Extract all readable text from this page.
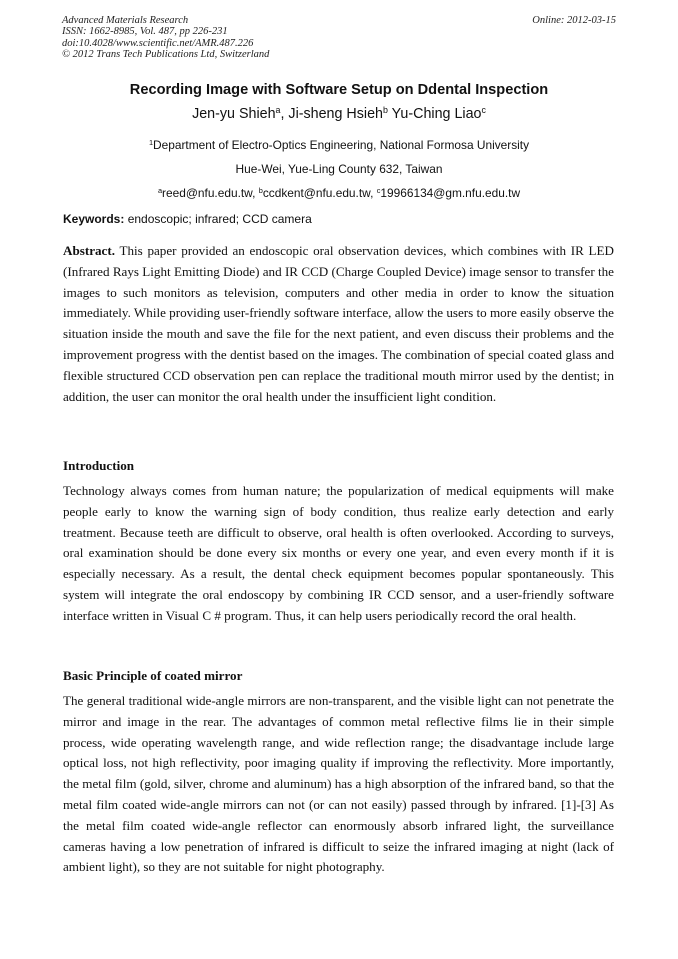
Advanced Materials Research
ISSN: 1662-8985, Vol. 487, pp 226-231
doi:10.4028/www.scientific.net/AMR.487.226
© 2012 Trans Tech Publications Ltd, Switzerland
Online: 2012-03-15
Recording Image with Software Setup on Ddental Inspection
Jen-yu Shieh$^a$, Ji-sheng Hsieh$^b$ Yu-Ching Liao$^c$
$^1$Department of Electro-Optics Engineering, National Formosa University
Hue-Wei, Yue-Ling County 632, Taiwan
$^a$reed@nfu.edu.tw, $^b$ccdkent@nfu.edu.tw, $^c$19966134@gm.nfu.edu.tw
Keywords: endoscopic; infrared; CCD camera

Abstract. This paper provided an endoscopic oral observation devices, which combines with IR LED (Infrared Rays Light Emitting Diode) and IR CCD (Charge Coupled Device) image sensor to transfer the images to such monitors as television, computers and other media in order to know the situation immediately. While providing user-friendly software interface, allow the users to more easily observe the situation inside the mouth and save the file for the next patient, and even discuss their problems and the improvement progress with the dentist based on the images. The combination of special coated glass and flexible structured CCD observation pen can replace the traditional mouth mirror used by the dentist; in addition, the user can monitor the oral health under the insufficient light condition.

Introduction

Technology always comes from human nature; the popularization of medical equipments will make people early to know the warning sign of body condition, thus realize early detection and early treatment. Because teeth are difficult to observe, oral health is often overlooked. According to surveys, oral examination should be done every six months or every one year, and even every month if it is especially necessary. As a result, the dental check equipment becomes popular spontaneously. This system will integrate the oral endoscopy by combining IR CCD sensor, and a user-friendly software interface written in Visual C # program. Thus, it can help users periodically record the oral health.

Basic Principle of coated mirror

The general traditional wide-angle mirrors are non-transparent, and the visible light can not penetrate the mirror and image in the rear. The advantages of common metal reflective films lie in their simple process, wide operating wavelength range, and wide reflection range; the disadvantage include large optical loss, not high reflectivity, poor imaging quality if improving the reflectivity. More importantly, the metal film (gold, silver, chrome and aluminum) has a high absorption of the infrared band, so that the metal film coated wide-angle mirrors can not (or can not easily) passed through by infrared. [1]-[3] As the metal film coated wide-angle reflector can enormously absorb infrared light, the surveillance cameras having a low penetration of infrared is difficult to seize the infrared imaging at night (lack of ambient light), so they are not suitable for night photography.
